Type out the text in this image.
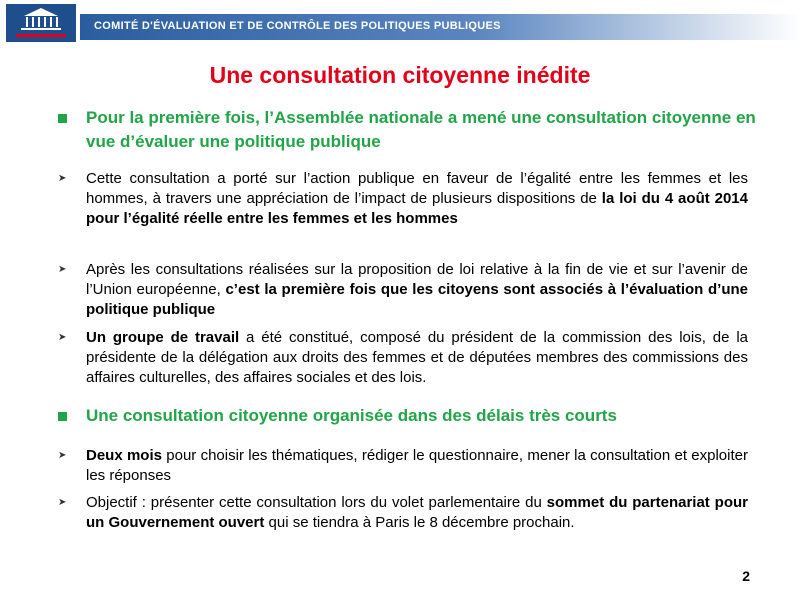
COMITÉ D'ÉVALUATION ET DE CONTRÔLE DES POLITIQUES PUBLIQUES
Une consultation citoyenne inédite
Pour la première fois, l’Assemblée nationale a mené une consultation citoyenne en vue d’évaluer une politique publique
➤	Cette consultation a porté sur l’action publique en faveur de l’égalité entre les femmes et les hommes, à travers une appréciation de l’impact de plusieurs dispositions de la loi du 4 août 2014 pour l’égalité réelle entre les femmes et les hommes
➤	Après les consultations réalisées sur la proposition de loi relative à la fin de vie et sur l’avenir de l’Union européenne, c’est la première fois que les citoyens sont associés à l’évaluation d’une politique publique
➤	Un groupe de travail a été constitué, composé du président de la commission des lois, de la présidente de la délégation aux droits des femmes et de députées membres des commissions des affaires culturelles, des affaires sociales et des lois.
Une consultation citoyenne organisée dans des délais très courts
➤	Deux mois pour choisir les thématiques, rédiger le questionnaire, mener la consultation et exploiter les réponses
➤	Objectif : présenter cette consultation lors du volet parlementaire du sommet du partenariat pour un Gouvernement ouvert qui se tiendra à Paris le 8 décembre prochain.
2
